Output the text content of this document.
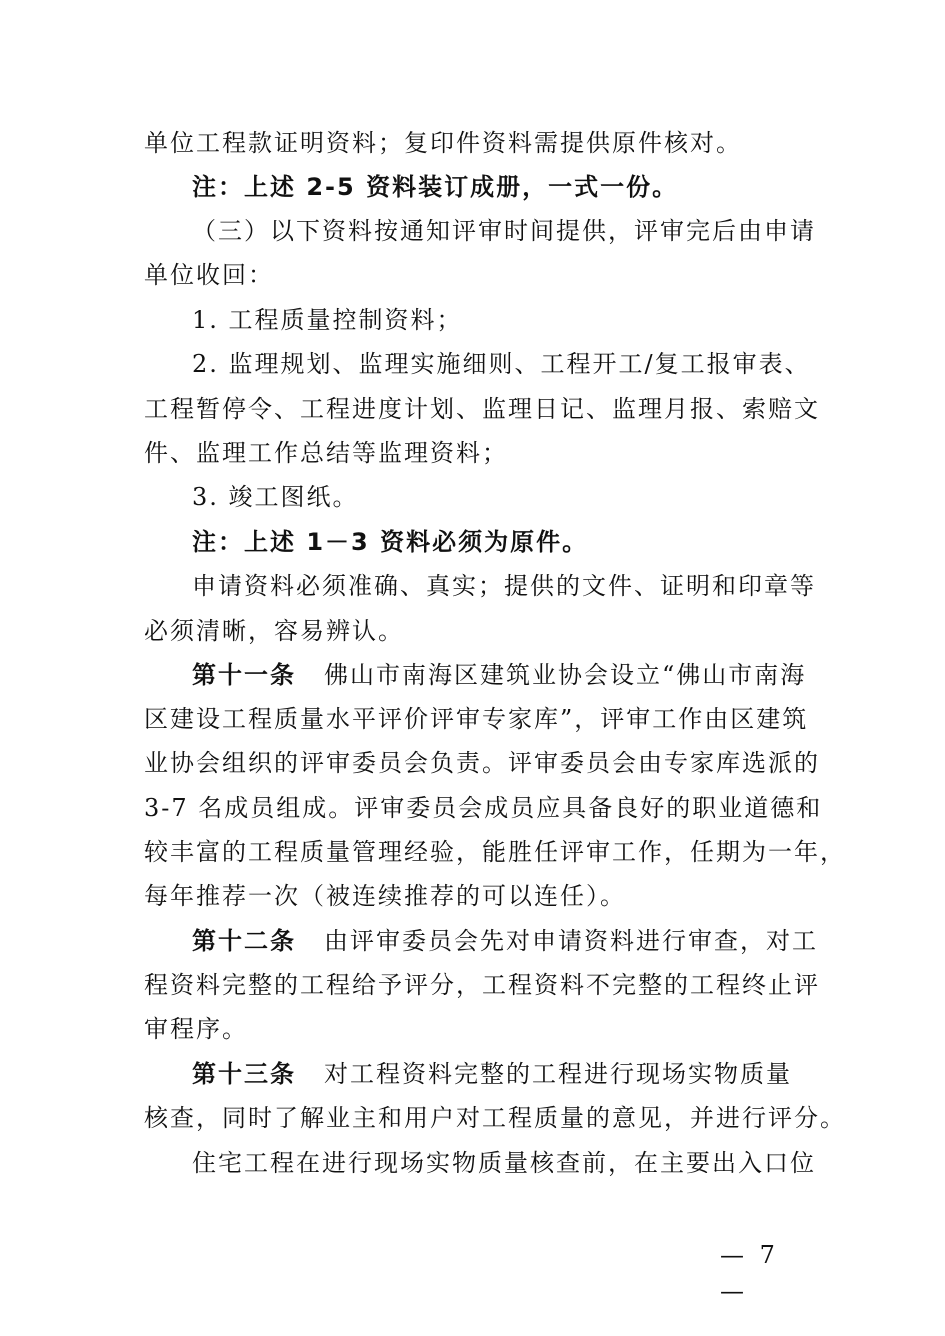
单位工程款证明资料；复印件资料需提供原件核对。
注：上述 2-5 资料装订成册，一式一份。
（三）以下资料按通知评审时间提供，评审完后由申请
单位收回：
1. 工程质量控制资料；
2. 监理规划、监理实施细则、工程开工/复工报审表、
工程暂停令、工程进度计划、监理日记、监理月报、索赔文
件、监理工作总结等监理资料；
3. 竣工图纸。
注：上述 1－3 资料必须为原件。
申请资料必须准确、真实；提供的文件、证明和印章等
必须清晰，容易辨认。
第十一条 佛山市南海区建筑业协会设立“佛山市南海
区建设工程质量水平评价评审专家库”，评审工作由区建筑
业协会组织的评审委员会负责。评审委员会由专家库选派的
3-7 名成员组成。评审委员会成员应具备良好的职业道德和
较丰富的工程质量管理经验，能胜任评审工作，任期为一年，
每年推荐一次（被连续推荐的可以连任）。
第十二条 由评审委员会先对申请资料进行审查，对工
程资料完整的工程给予评分，工程资料不完整的工程终止评
审程序。
第十三条 对工程资料完整的工程进行现场实物质量
核查，同时了解业主和用户对工程质量的意见，并进行评分。
住宅工程在进行现场实物质量核查前，在主要出入口位
— 7 —
